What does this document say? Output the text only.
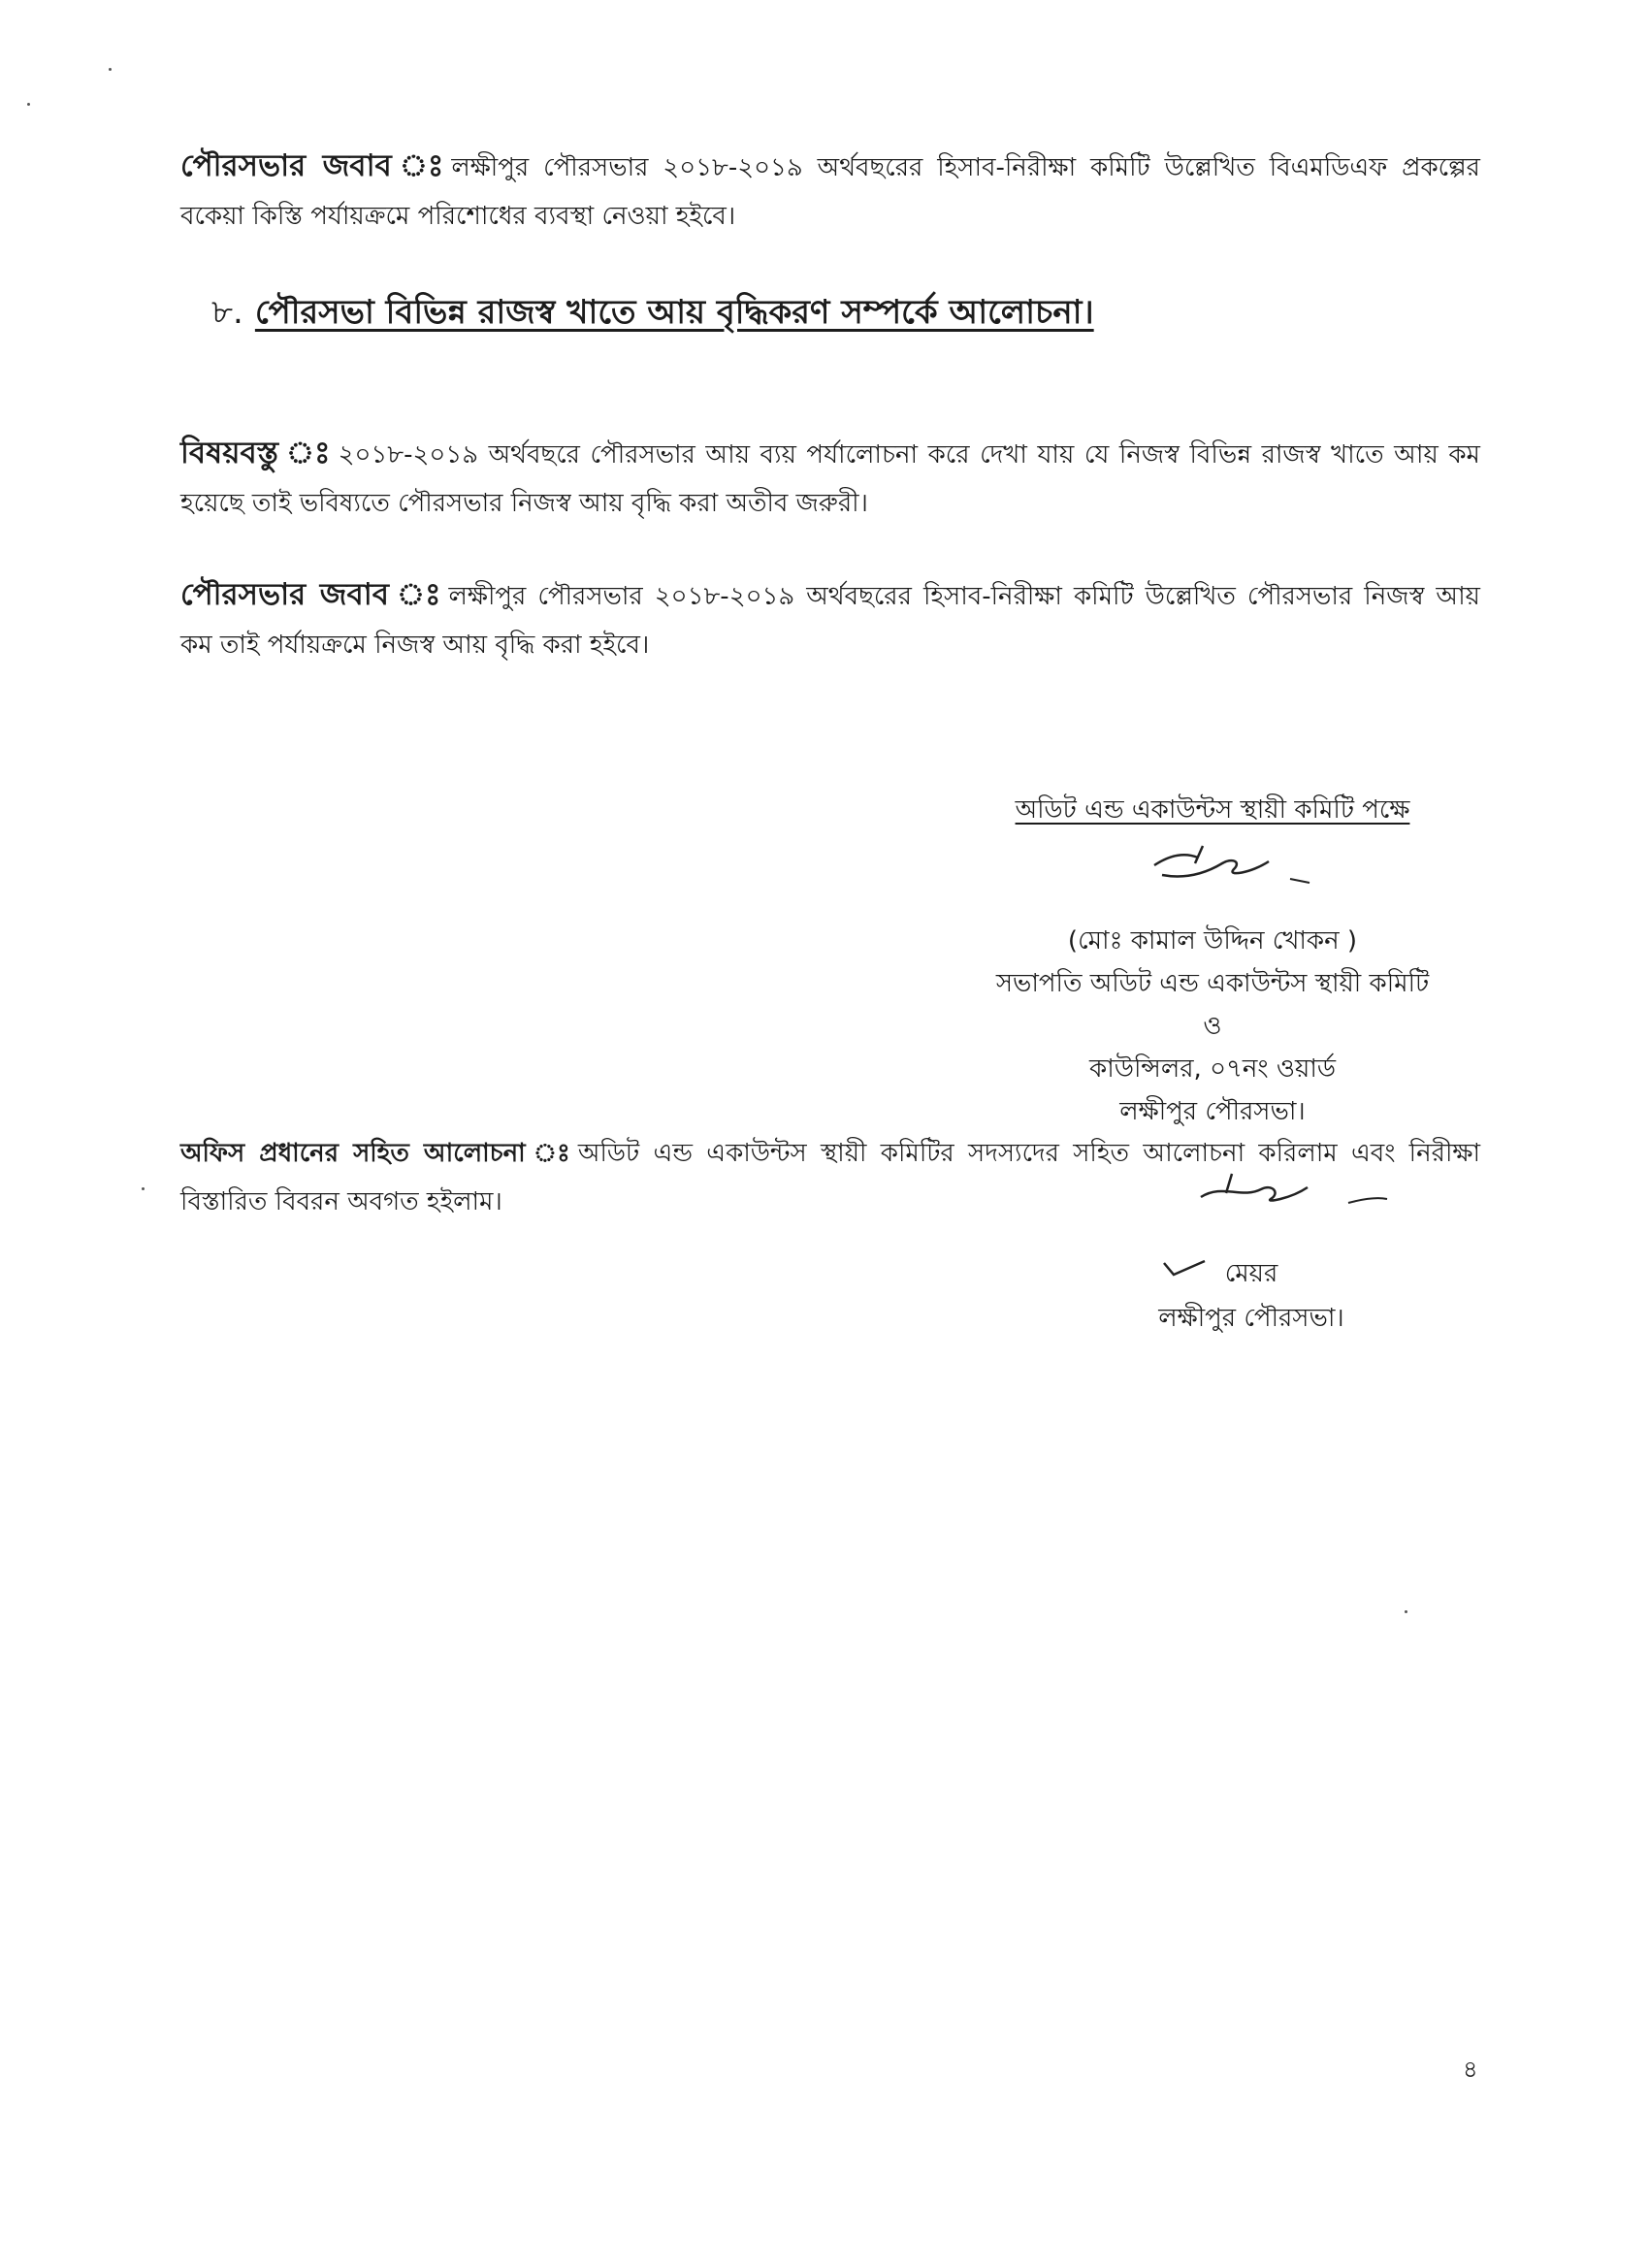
পৌরসভার জবাব ঃ লক্ষীপুর পৌরসভার ২০১৮-২০১৯ অর্থবছরের হিসাব-নিরীক্ষা কমিটি উল্লেখিত বিএমডিএফ প্রকল্পের বকেয়া কিস্তি পর্যায়ক্রমে পরিশোধের ব্যবস্থা নেওয়া হইবে।
৮. পৌরসভা বিভিন্ন রাজস্ব খাতে আয় বৃদ্ধিকরণ সম্পর্কে আলোচনা।
বিষয়বস্তু ঃ ২০১৮-২০১৯ অর্থবছরে পৌরসভার আয় ব্যয় পর্যালোচনা করে দেখা যায় যে নিজস্ব বিভিন্ন রাজস্ব খাতে আয় কম হয়েছে তাই ভবিষ্যতে পৌরসভার নিজস্ব আয় বৃদ্ধি করা অতীব জরুরী।
পৌরসভার জবাব ঃ লক্ষীপুর পৌরসভার ২০১৮-২০১৯ অর্থবছরের হিসাব-নিরীক্ষা কমিটি উল্লেখিত পৌরসভার নিজস্ব আয় কম তাই পর্যায়ক্রমে নিজস্ব আয় বৃদ্ধি করা হইবে।
অডিট এন্ড একাউন্টস স্থায়ী কমিটি পক্ষে
(মোঃ কামাল উদ্দিন খোকন )
সভাপতি অডিট এন্ড একাউন্টস স্থায়ী কমিটি
ও
কাউন্সিলর, ০৭নং ওয়ার্ড
লক্ষীপুর পৌরসভা।
অফিস প্রধানের সহিত আলোচনা ঃ অডিট এন্ড একাউন্টস স্থায়ী কমিটির সদস্যদের সহিত আলোচনা করিলাম এবং নিরীক্ষা বিস্তারিত বিবরন অবগত হইলাম।
মেয়র
লক্ষীপুর পৌরসভা।
৪
